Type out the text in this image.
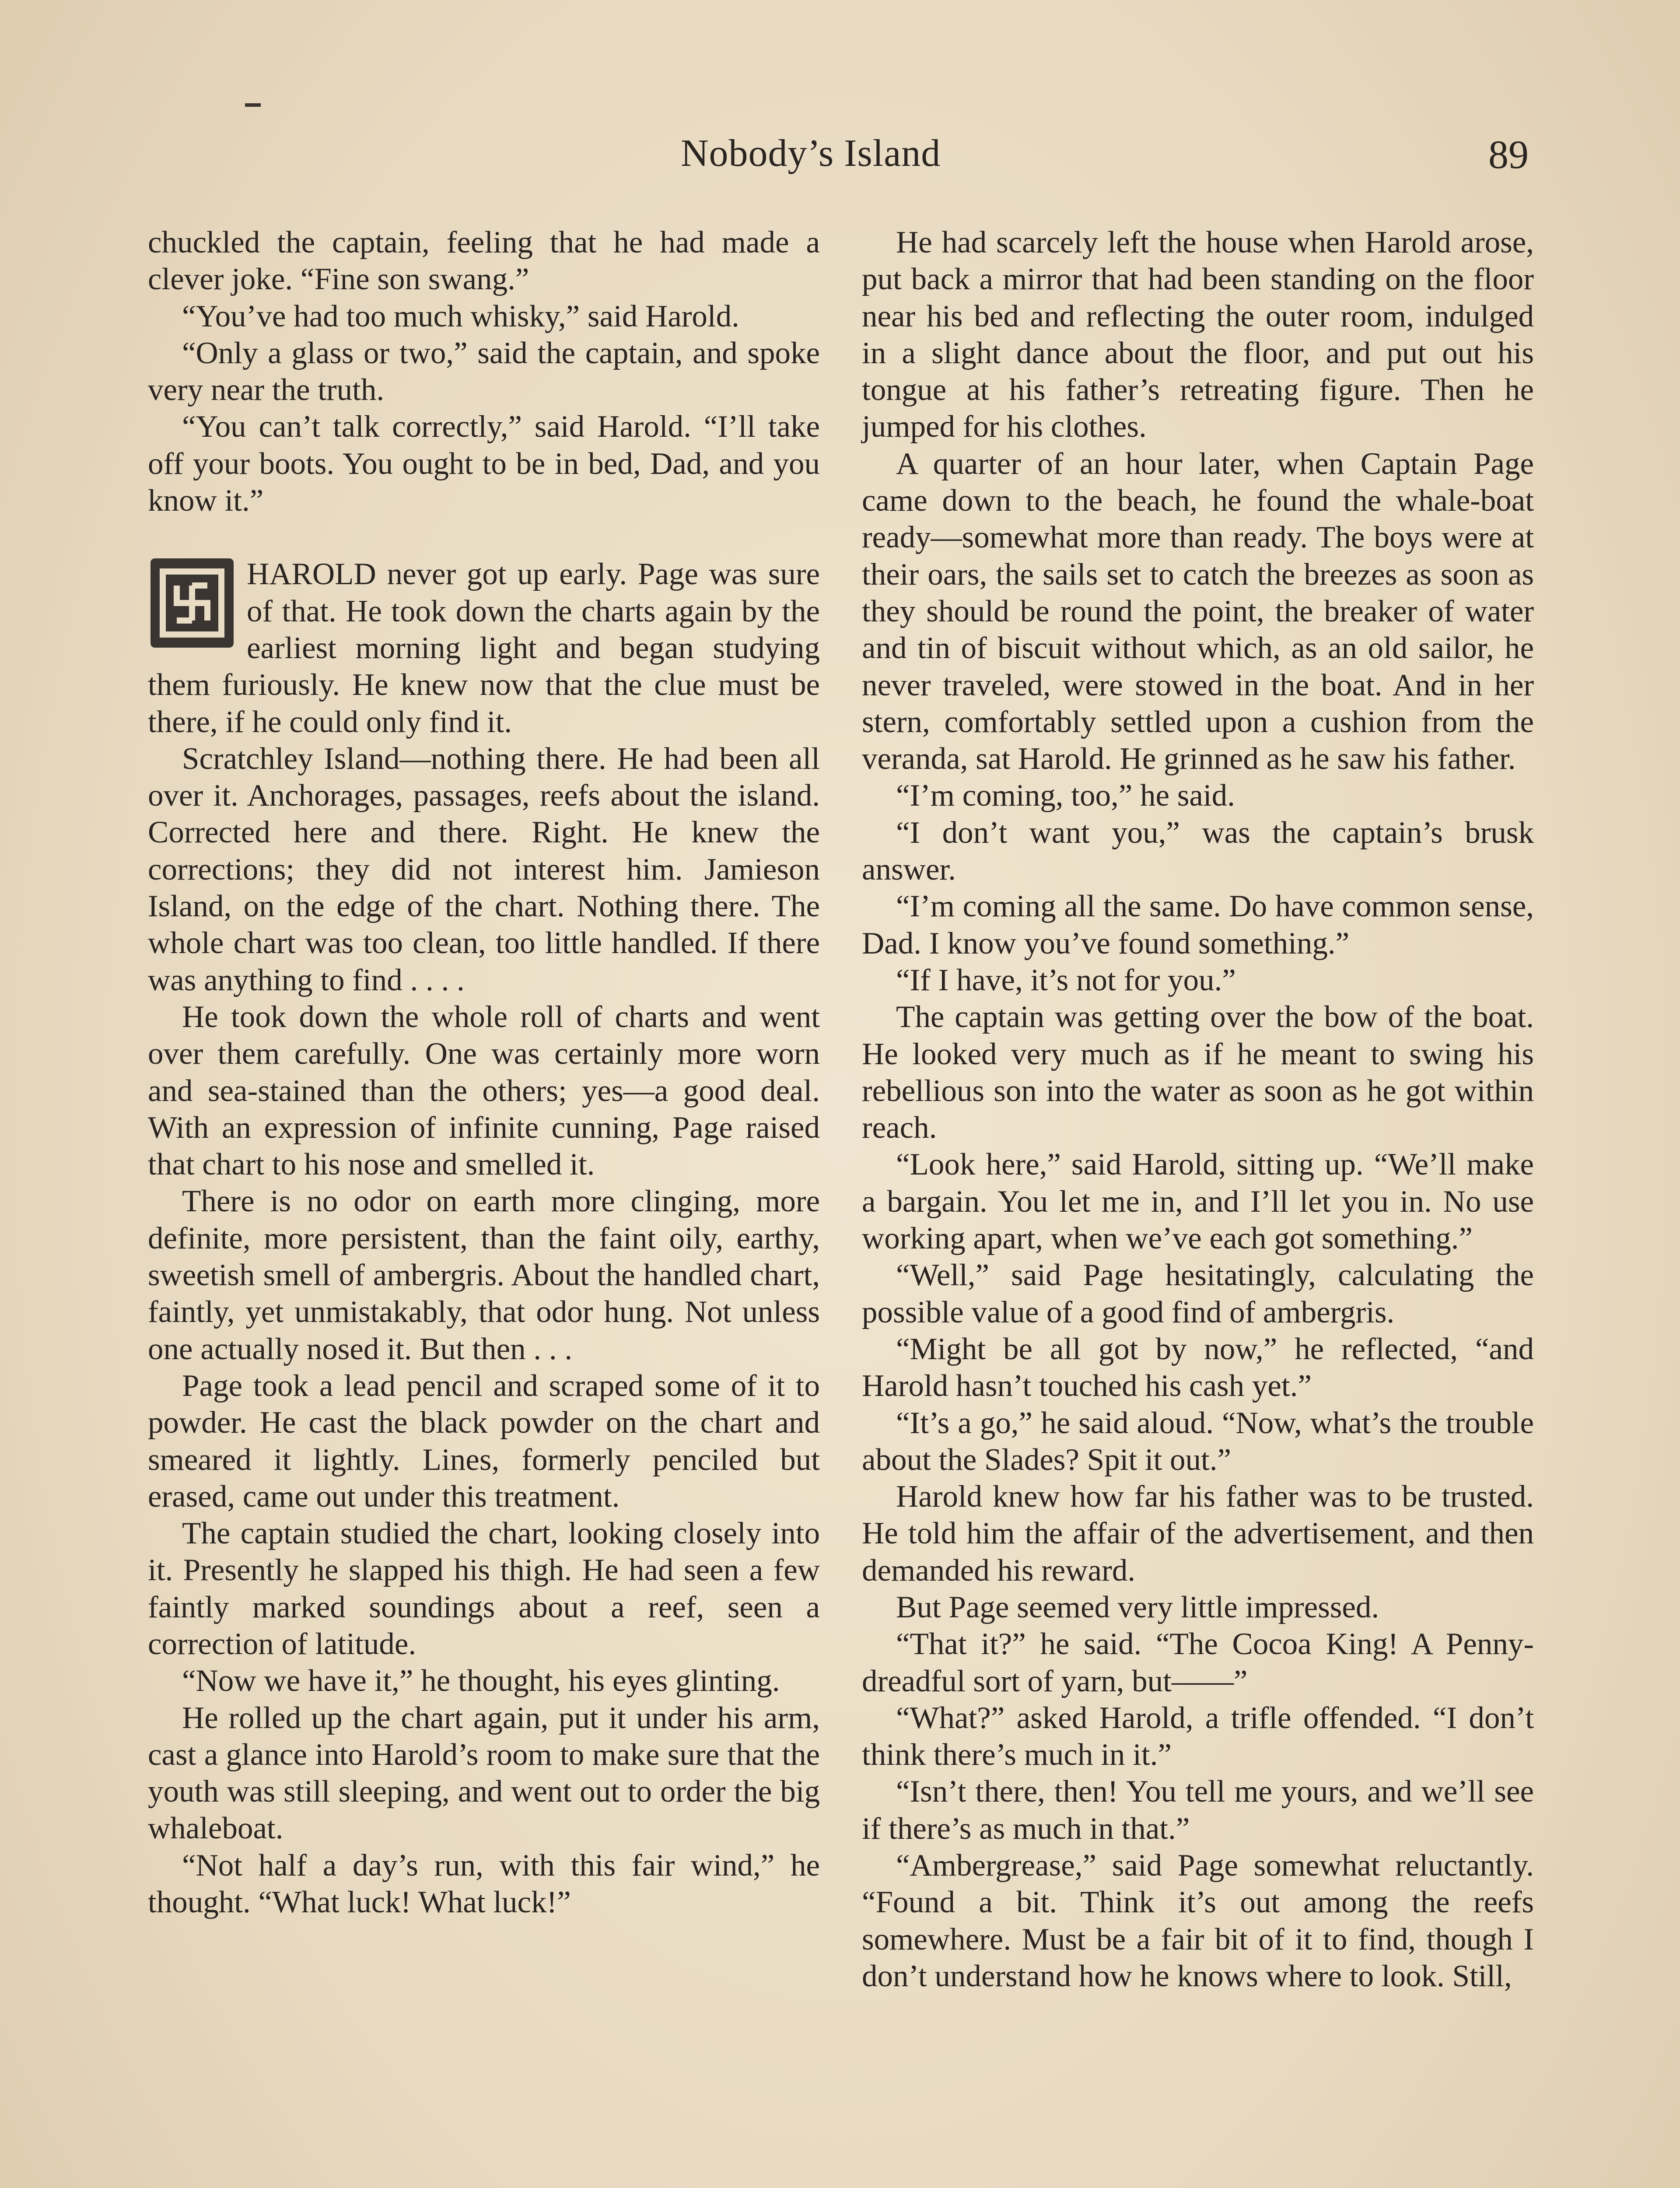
Nobody’s Island	89

chuckled the captain, feeling that he had made a clever joke. “Fine son swang.”

“You’ve had too much whisky,” said Harold.

“Only a glass or two,” said the captain, and spoke very near the truth.

“You can’t talk correctly,” said Harold. “I’ll take off your boots. You ought to be in bed, Dad, and you know it.”

HAROLD never got up early. Page was sure of that. He took down the charts again by the earliest morning light and began studying them furiously. He knew now that the clue must be there, if he could only find it.

Scratchley Island—nothing there. He had been all over it. Anchorages, passages, reefs about the island. Corrected here and there. Right. He knew the corrections; they did not interest him. Jamieson Island, on the edge of the chart. Nothing there. The whole chart was too clean, too little handled. If there was anything to find . . . .

He took down the whole roll of charts and went over them carefully. One was certainly more worn and sea-stained than the others; yes—a good deal. With an expression of infinite cunning, Page raised that chart to his nose and smelled it.

There is no odor on earth more clinging, more definite, more persistent, than the faint oily, earthy, sweetish smell of ambergris. About the handled chart, faintly, yet unmistakably, that odor hung. Not unless one actually nosed it. But then . . .

Page took a lead pencil and scraped some of it to powder. He cast the black powder on the chart and smeared it lightly. Lines, formerly penciled but erased, came out under this treatment.

The captain studied the chart, looking closely into it. Presently he slapped his thigh. He had seen a few faintly marked soundings about a reef, seen a correction of latitude.

“Now we have it,” he thought, his eyes glinting.

He rolled up the chart again, put it under his arm, cast a glance into Harold’s room to make sure that the youth was still sleeping, and went out to order the big whaleboat.

“Not half a day’s run, with this fair wind,” he thought. “What luck! What luck!”

He had scarcely left the house when Harold arose, put back a mirror that had been standing on the floor near his bed and reflecting the outer room, indulged in a slight dance about the floor, and put out his tongue at his father’s retreating figure. Then he jumped for his clothes.

A quarter of an hour later, when Captain Page came down to the beach, he found the whale-boat ready—somewhat more than ready. The boys were at their oars, the sails set to catch the breezes as soon as they should be round the point, the breaker of water and tin of biscuit without which, as an old sailor, he never traveled, were stowed in the boat. And in her stern, comfortably settled upon a cushion from the veranda, sat Harold. He grinned as he saw his father.

“I’m coming, too,” he said.

“I don’t want you,” was the captain’s brusk answer.

“I’m coming all the same. Do have common sense, Dad. I know you’ve found something.”

“If I have, it’s not for you.”

The captain was getting over the bow of the boat. He looked very much as if he meant to swing his rebellious son into the water as soon as he got within reach.

“Look here,” said Harold, sitting up. “We’ll make a bargain. You let me in, and I’ll let you in. No use working apart, when we’ve each got something.”

“Well,” said Page hesitatingly, calculating the possible value of a good find of ambergris.

“Might be all got by now,” he reflected, “and Harold hasn’t touched his cash yet.”

“It’s a go,” he said aloud. “Now, what’s the trouble about the Slades? Spit it out.”

Harold knew how far his father was to be trusted. He told him the affair of the advertisement, and then demanded his reward.

But Page seemed very little impressed.

“That it?” he said. “The Cocoa King! A Penny-dreadful sort of yarn, but——”

“What?” asked Harold, a trifle offended. “I don’t think there’s much in it.”

“Isn’t there, then! You tell me yours, and we’ll see if there’s as much in that.”

“Ambergrease,” said Page somewhat reluctantly. “Found a bit. Think it’s out among the reefs somewhere. Must be a fair bit of it to find, though I don’t understand how he knows where to look. Still,
